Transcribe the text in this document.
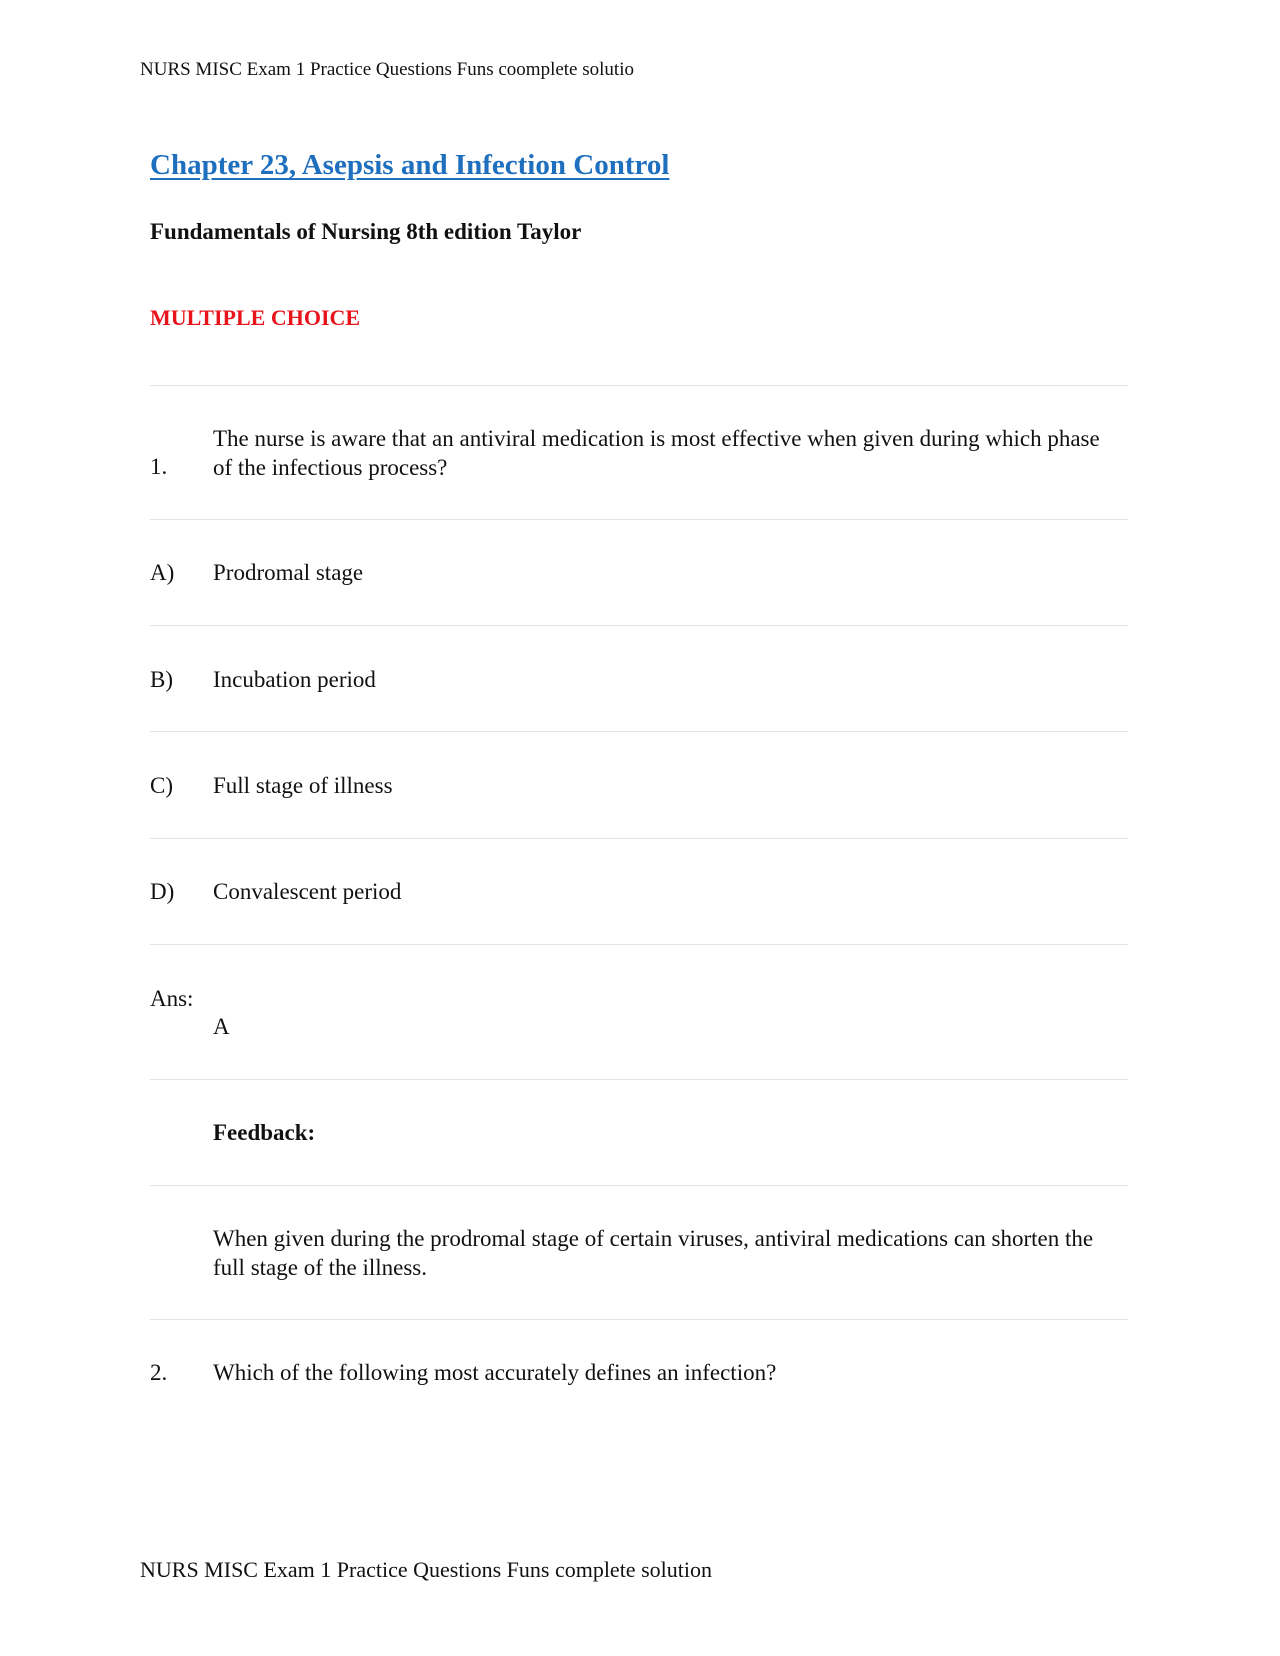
NURS MISC Exam 1 Practice Questions Funs coomplete solutio
Chapter 23, Asepsis and Infection Control
Fundamentals of Nursing 8th edition Taylor
MULTIPLE CHOICE
1.
The nurse is aware that an antiviral medication is most effective when given during which phase of the infectious process?
A) Prodromal stage
B) Incubation period
C) Full stage of illness
D) Convalescent period
Ans:
A
Feedback:
When given during the prodromal stage of certain viruses, antiviral medications can shorten the full stage of the illness.
2. Which of the following most accurately defines an infection?
NURS MISC Exam 1 Practice Questions Funs complete solution
